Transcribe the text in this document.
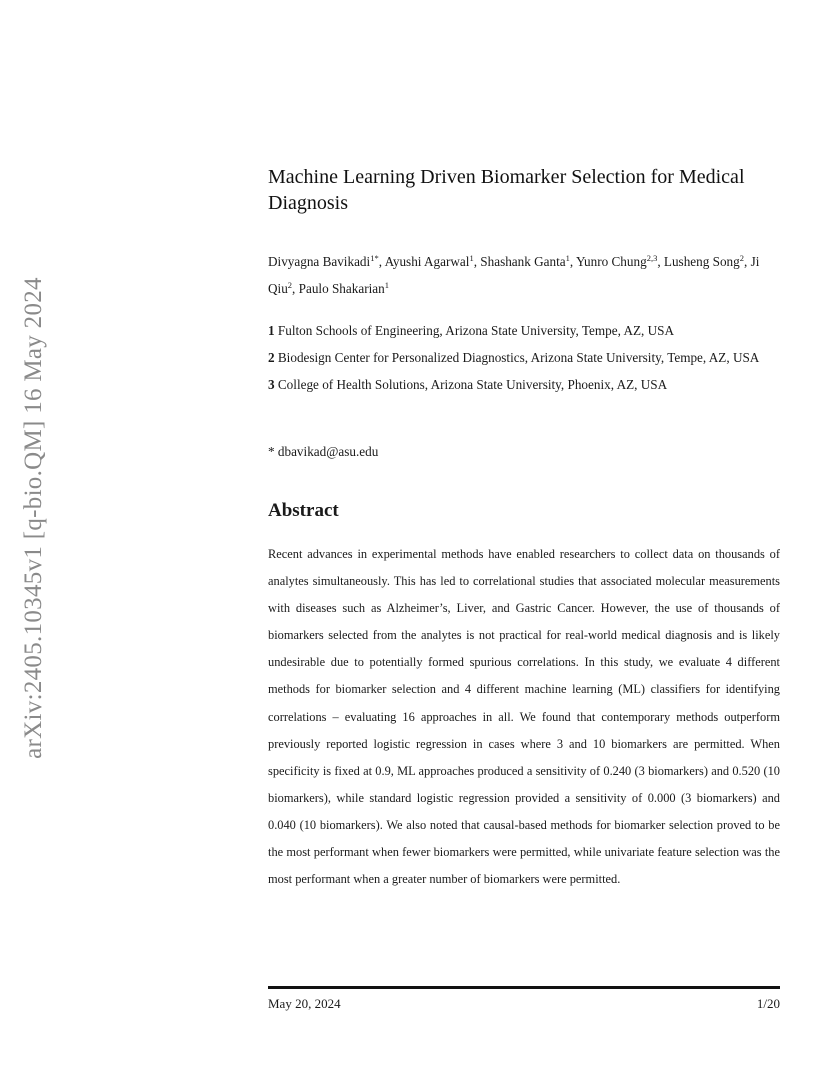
arXiv:2405.10345v1 [q-bio.QM] 16 May 2024
Machine Learning Driven Biomarker Selection for Medical Diagnosis
Divyagna Bavikadi$^{1*}$, Ayushi Agarwal$^1$, Shashank Ganta$^1$, Yunro Chung$^{2,3}$, Lusheng Song$^2$, Ji Qiu$^2$, Paulo Shakarian$^1$
1 Fulton Schools of Engineering, Arizona State University, Tempe, AZ, USA
2 Biodesign Center for Personalized Diagnostics, Arizona State University, Tempe, AZ, USA
3 College of Health Solutions, Arizona State University, Phoenix, AZ, USA
* dbavikad@asu.edu
Abstract

Recent advances in experimental methods have enabled researchers to collect data on thousands of analytes simultaneously. This has led to correlational studies that associated molecular measurements with diseases such as Alzheimer’s, Liver, and Gastric Cancer. However, the use of thousands of biomarkers selected from the analytes is not practical for real-world medical diagnosis and is likely undesirable due to potentially formed spurious correlations. In this study, we evaluate 4 different methods for biomarker selection and 4 different machine learning (ML) classifiers for identifying correlations – evaluating 16 approaches in all. We found that contemporary methods outperform previously reported logistic regression in cases where 3 and 10 biomarkers are permitted. When specificity is fixed at 0.9, ML approaches produced a sensitivity of 0.240 (3 biomarkers) and 0.520 (10 biomarkers), while standard logistic regression provided a sensitivity of 0.000 (3 biomarkers) and 0.040 (10 biomarkers). We also noted that causal-based methods for biomarker selection proved to be the most performant when fewer biomarkers were permitted, while univariate feature selection was the most performant when a greater number of biomarkers were permitted.

May 20, 2024	1/20
